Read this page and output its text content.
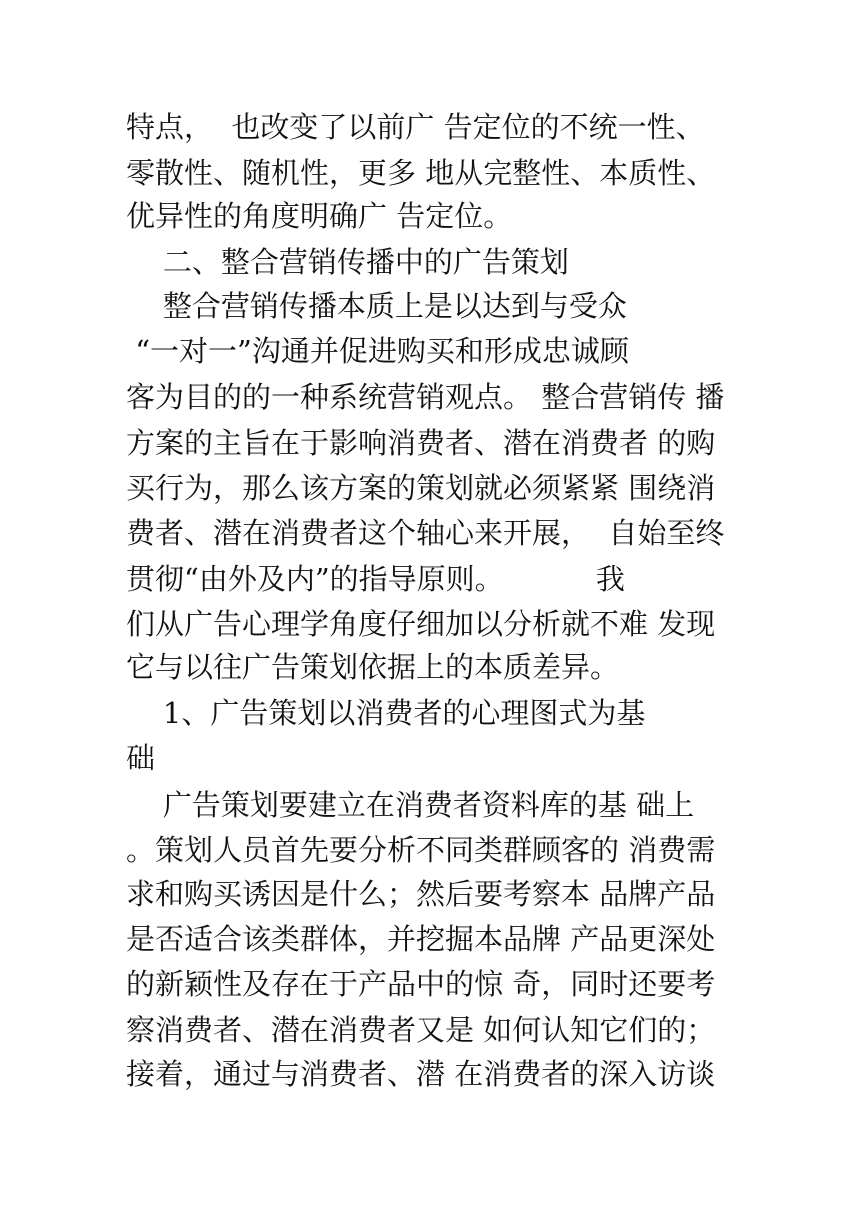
特点，  也改变了以前广 告定位的不统一性、
零散性、随机性，更多 地从完整性、本质性、
优异性的角度明确广 告定位。
二、整合营销传播中的广告策划
整合营销传播本质上是以达到与受众
“一对一”沟通并促进购买和形成忠诚顾
客为目的的一种系统营销观点。 整合营销传 播
方案的主旨在于影响消费者、潜在消费者 的购
买行为，那么该方案的策划就必须紧紧 围绕消
费者、潜在消费者这个轴心来开展，  自始至终
贯彻“由外及内”的指导原则。          我
们从广告心理学角度仔细加以分析就不难 发现
它与以往广告策划依据上的本质差异。
1、广告策划以消费者的心理图式为基
础
广告策划要建立在消费者资料库的基 础上
。策划人员首先要分析不同类群顾客的 消费需
求和购买诱因是什么；然后要考察本 品牌产品
是否适合该类群体，并挖掘本品牌 产品更深处
的新颖性及存在于产品中的惊 奇，同时还要考
察消费者、潜在消费者又是 如何认知它们的；
接着，通过与消费者、潜 在消费者的深入访谈
